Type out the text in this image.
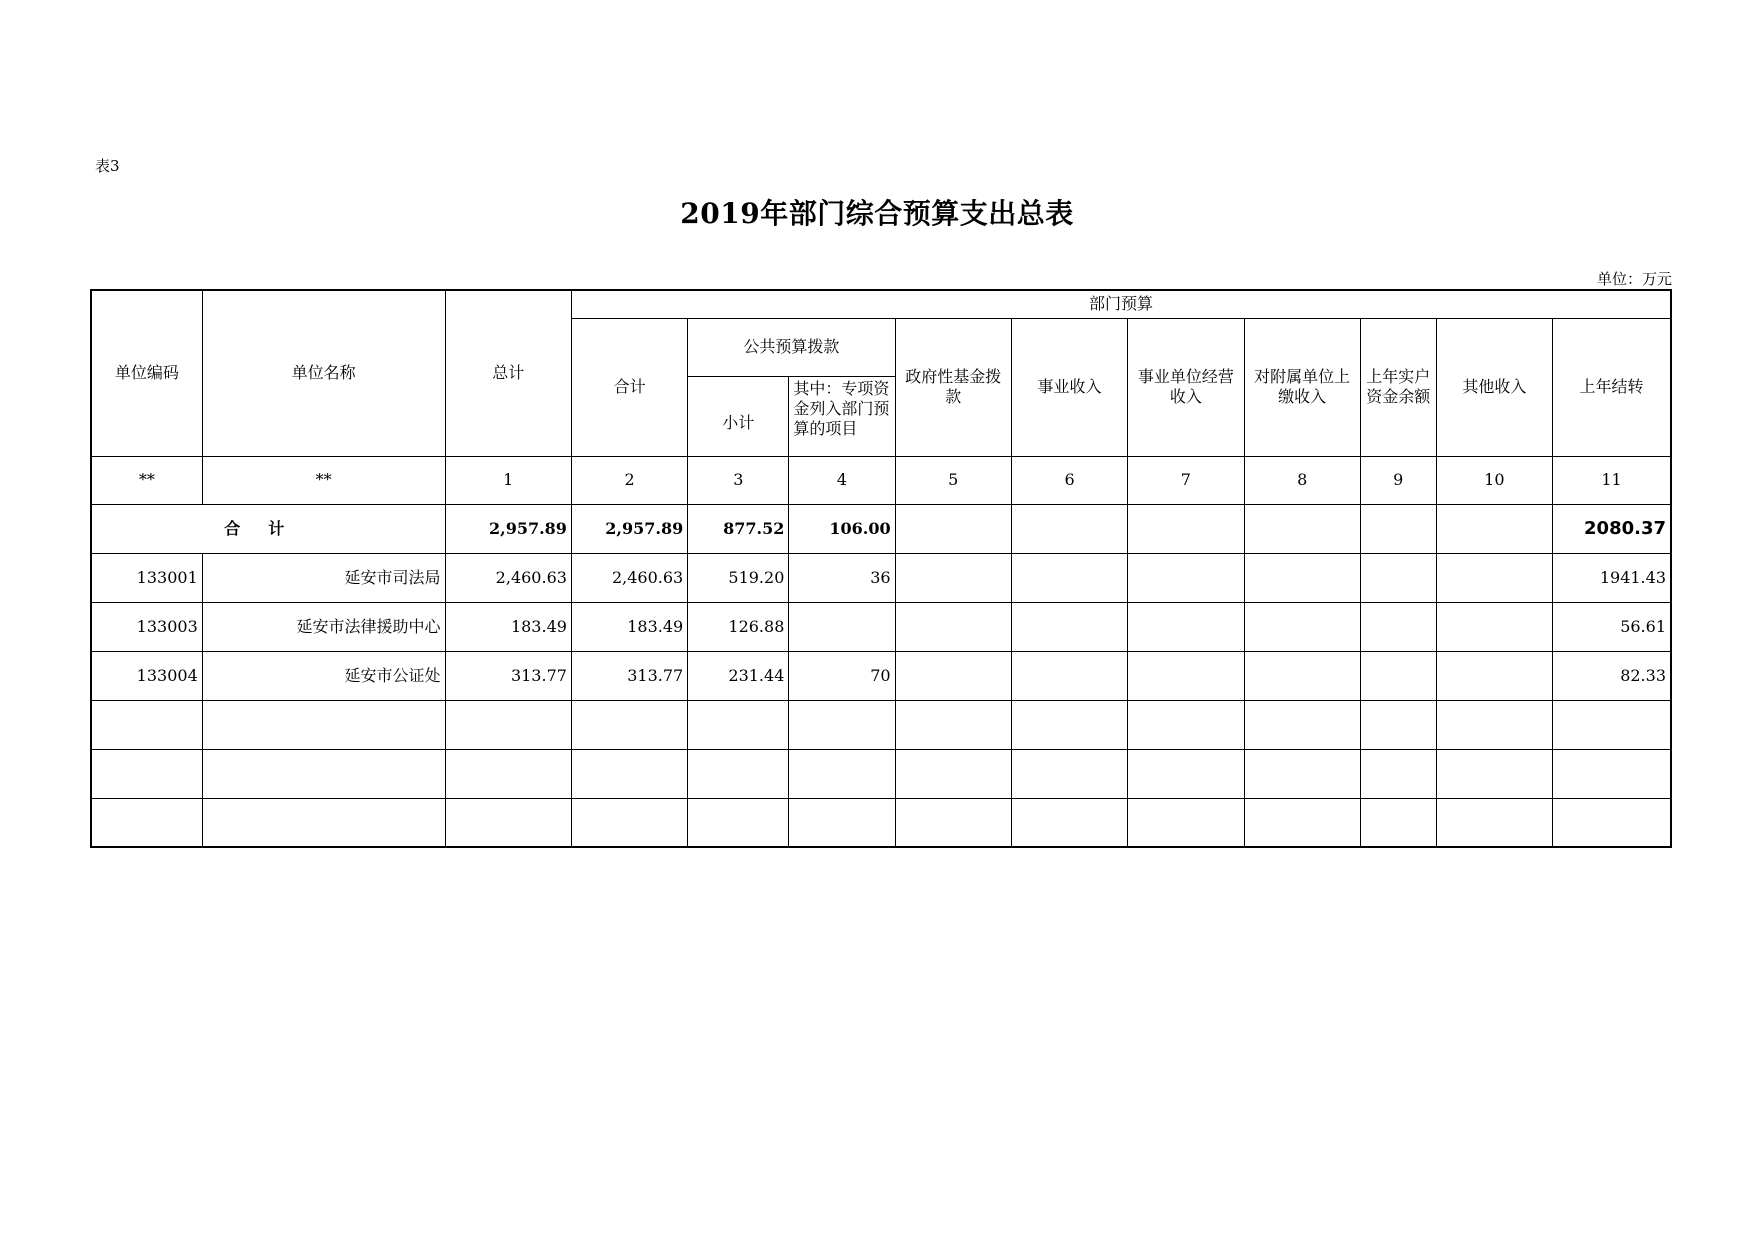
表3
2019年部门综合预算支出总表
单位：万元
单位编码	单位名称	总计	部门预算									
			合计	公共预算拨款		政府性基金拨款	事业收入	事业单位经营收入	对附属单位上缴收入	上年实户资金余额	其他收入	上年结转
				小计	其中：专项资金列入部门预算的项目							

**	**	1	2	3	4	5	6	7	8	9	10	11
合计		2,957.89	2,957.89	877.52	106.00							2080.37
133001	延安市司法局	2,460.63	2,460.63	519.20	36							1941.43
133003	延安市法律援助中心	183.49	183.49	126.88								56.61
133004	延安市公证处	313.77	313.77	231.44	70							82.33
